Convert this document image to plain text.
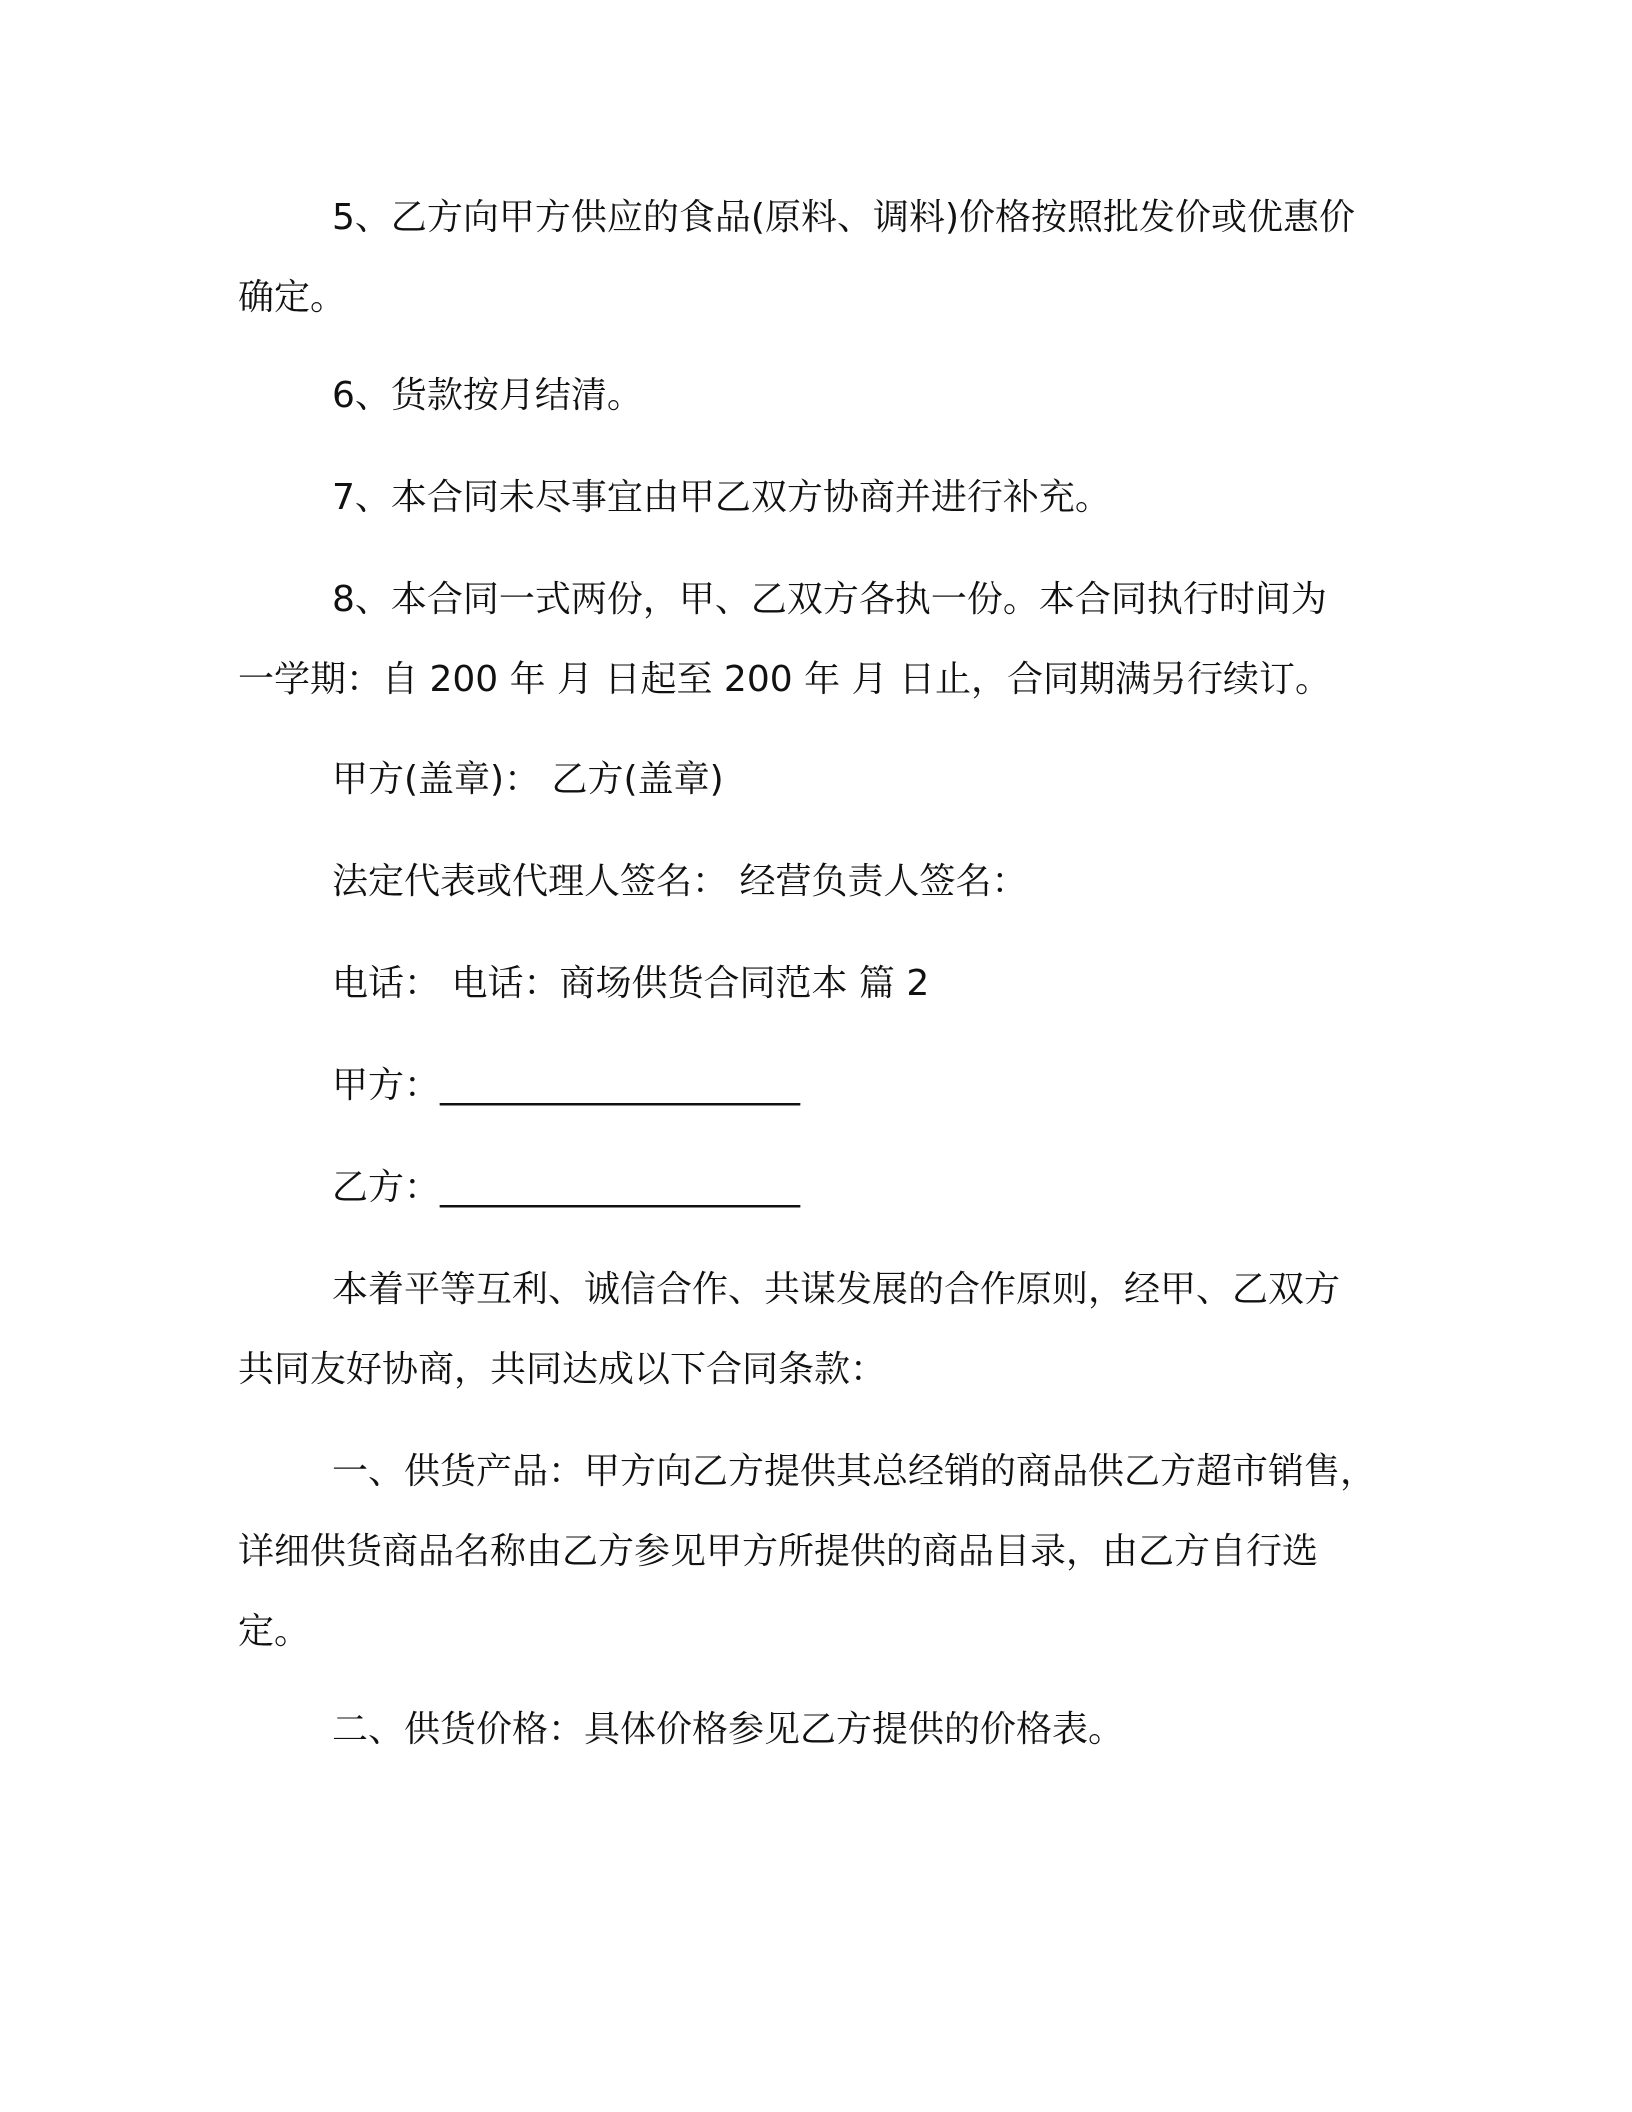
5、乙方向甲方供应的食品(原料、调料)价格按照批发价或优惠价
确定。
6、货款按月结清。
7、本合同未尽事宜由甲乙双方协商并进行补充。
8、本合同一式两份，甲、乙双方各执一份。本合同执行时间为
一学期：自 200 年 月 日起至 200 年 月 日止，合同期满另行续订。
甲方(盖章)： 乙方(盖章)
法定代表或代理人签名： 经营负责人签名：
电话： 电话：商场供货合同范本 篇 2
甲方：____________________
乙方：____________________
本着平等互利、诚信合作、共谋发展的合作原则，经甲、乙双方
共同友好协商，共同达成以下合同条款：
一、供货产品：甲方向乙方提供其总经销的商品供乙方超市销售，
详细供货商品名称由乙方参见甲方所提供的商品目录，由乙方自行选
定。
二、供货价格：具体价格参见乙方提供的价格表。
